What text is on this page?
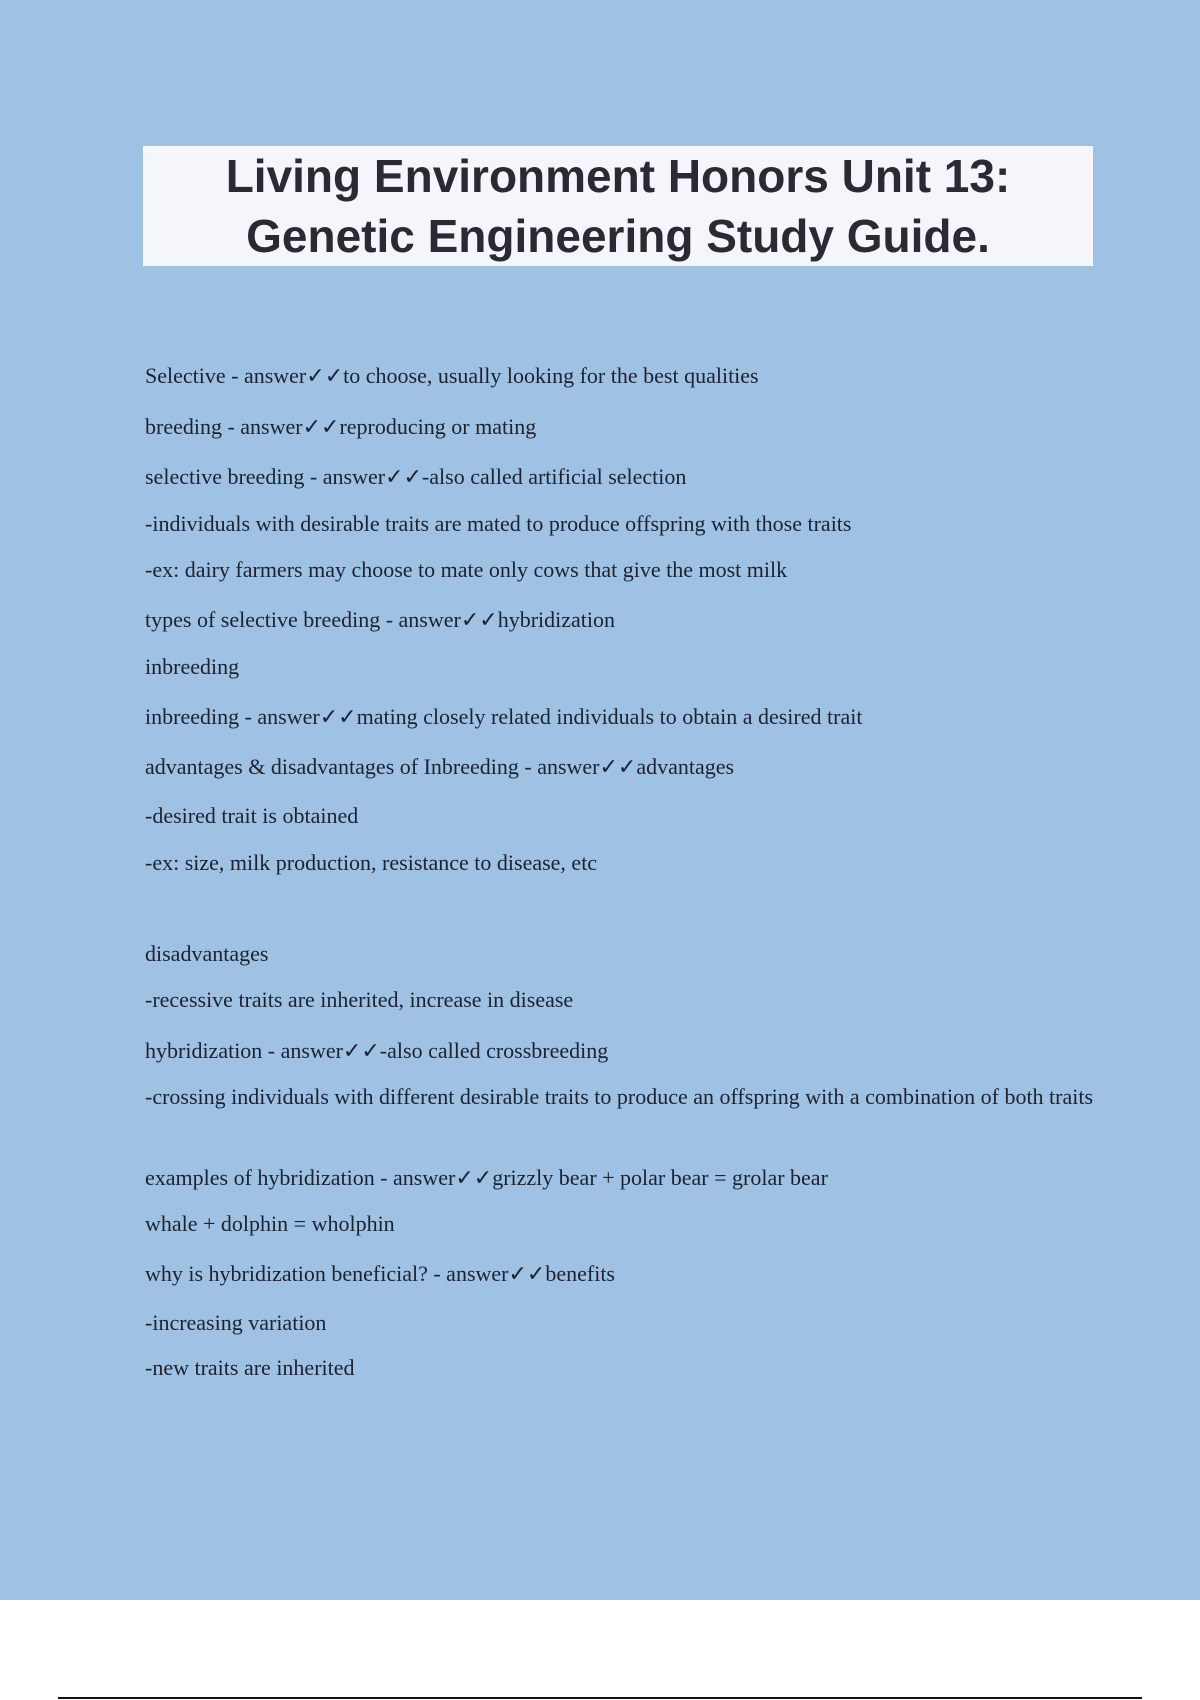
Living Environment Honors Unit 13:
Genetic Engineering Study Guide.
Selective - answer✓✓to choose, usually looking for the best qualities
breeding - answer✓✓reproducing or mating
selective breeding - answer✓✓-also called artificial selection
-individuals with desirable traits are mated to produce offspring with those traits
-ex: dairy farmers may choose to mate only cows that give the most milk
types of selective breeding - answer✓✓hybridization
inbreeding
inbreeding - answer✓✓mating closely related individuals to obtain a desired trait
advantages & disadvantages of Inbreeding - answer✓✓advantages
-desired trait is obtained
-ex: size, milk production, resistance to disease, etc
disadvantages
-recessive traits are inherited, increase in disease
hybridization - answer✓✓-also called crossbreeding
-crossing individuals with different desirable traits to produce an offspring with a combination of both traits
examples of hybridization - answer✓✓grizzly bear + polar bear = grolar bear
whale + dolphin = wholphin
why is hybridization beneficial? - answer✓✓benefits
-increasing variation
-new traits are inherited
